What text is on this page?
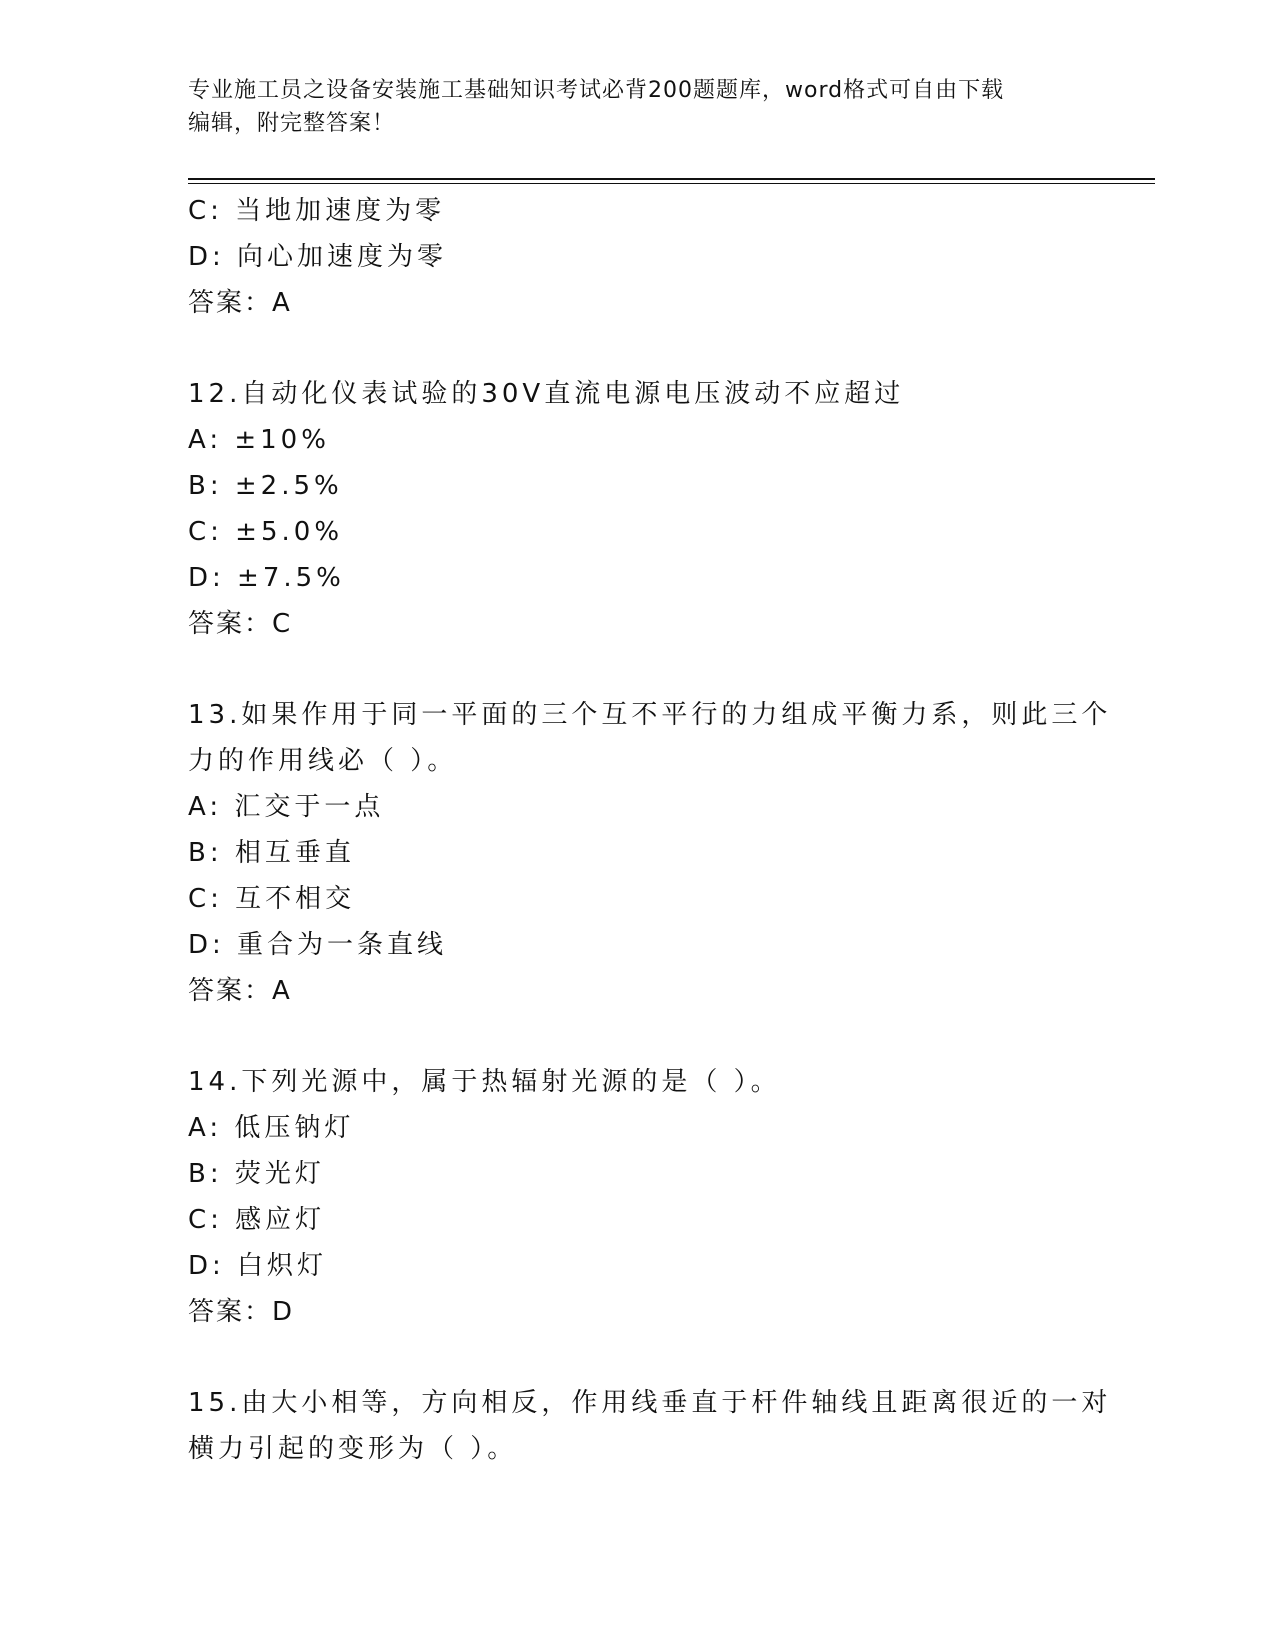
专业施工员之设备安装施工基础知识考试必背200题题库，word格式可自由下载
编辑，附完整答案！
C: 当地加速度为零
D: 向心加速度为零
答案：A
12.自动化仪表试验的30V直流电源电压波动不应超过
A: ±10%
B: ±2.5%
C: ±5.0%
D: ±7.5%
答案：C
13.如果作用于同一平面的三个互不平行的力组成平衡力系，则此三个
力的作用线必（ ）。
A: 汇交于一点
B: 相互垂直
C: 互不相交
D: 重合为一条直线
答案：A
14.下列光源中，属于热辐射光源的是（ ）。
A: 低压钠灯
B: 荧光灯
C: 感应灯
D: 白炽灯
答案：D
15.由大小相等，方向相反，作用线垂直于杆件轴线且距离很近的一对
横力引起的变形为（ ）。
